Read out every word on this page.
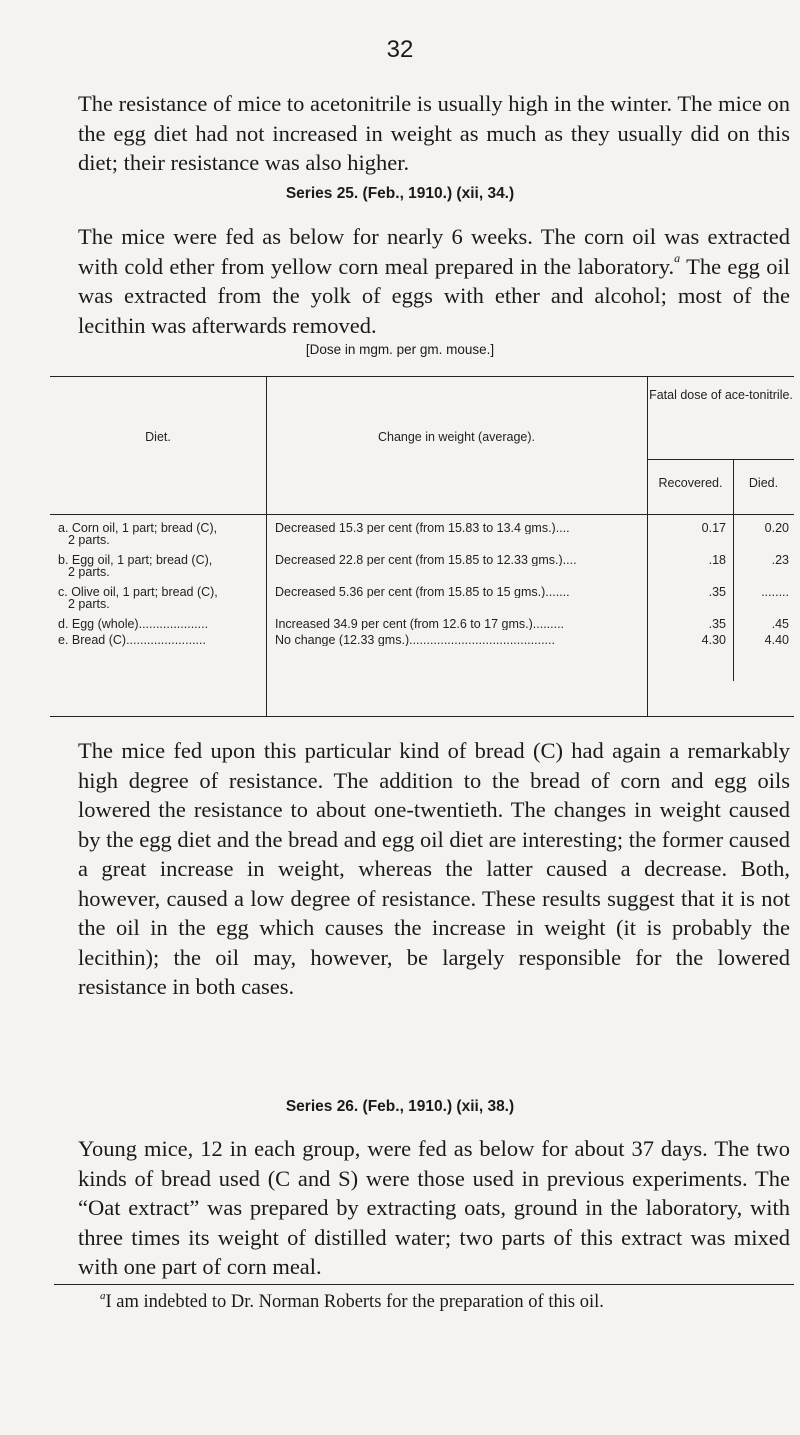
32

The resistance of mice to acetonitrile is usually high in the winter. The mice on the egg diet had not increased in weight as much as they usually did on this diet; their resistance was also higher.

Series 25. (Feb., 1910.) (xii, 34.)

The mice were fed as below for nearly 6 weeks. The corn oil was extracted with cold ether from yellow corn meal prepared in the laboratory.$^a$ The egg oil was extracted from the yolk of eggs with ether and alcohol; most of the lecithin was afterwards removed.

[Dose in mgm. per gm. mouse.]

Diet.	Change in weight (average).
Fatal dose of ace-tonitrile.
Recovered.	Died.
a. Corn oil, 1 part; bread (C),
2 parts.
Decreased 15.3 per cent (from 15.83 to 13.4 gms.)....	0.17	0.20
b. Egg oil, 1 part; bread (C),
2 parts.
Decreased 22.8 per cent (from 15.85 to 12.33 gms.)....	.18	.23
c. Olive oil, 1 part; bread (C),
2 parts.
Decreased 5.36 per cent (from 15.85 to 15 gms.).......	.35	........
d. Egg (whole)....................	Increased 34.9 per cent (from 12.6 to 17 gms.).........	.35	.45
e. Bread (C).......................	No change (12.33 gms.)..........................................	4.30	4.40

The mice fed upon this particular kind of bread (C) had again a remarkably high degree of resistance. The addition to the bread of corn and egg oils lowered the resistance to about one-twentieth. The changes in weight caused by the egg diet and the bread and egg oil diet are interesting; the former caused a great increase in weight, whereas the latter caused a decrease. Both, however, caused a low degree of resistance. These results suggest that it is not the oil in the egg which causes the increase in weight (it is probably the lecithin); the oil may, however, be largely responsible for the lowered resistance in both cases.

Series 26. (Feb., 1910.) (xii, 38.)

Young mice, 12 in each group, were fed as below for about 37 days. The two kinds of bread used (C and S) were those used in previous experiments. The “Oat extract” was prepared by extracting oats, ground in the laboratory, with three times its weight of distilled water; two parts of this extract was mixed with one part of corn meal.

$^a$I am indebted to Dr. Norman Roberts for the preparation of this oil.
